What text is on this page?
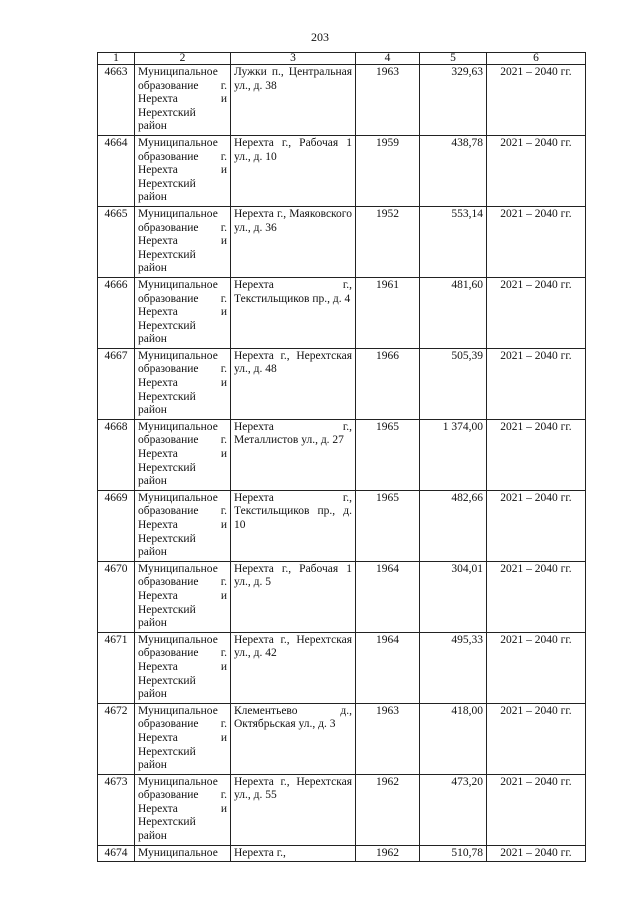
203
1	2	3	4	5	6
4663	Муниципальное образование г. Нерехта и Нерехтский район	Лужки п., Центральная ул., д. 38	1963	329,63	2021 – 2040 гг.
4664	Муниципальное образование г. Нерехта и Нерехтский район	Нерехта г., Рабочая 1 ул., д. 10	1959	438,78	2021 – 2040 гг.
4665	Муниципальное образование г. Нерехта и Нерехтский район	Нерехта г., Маяковского ул., д. 36	1952	553,14	2021 – 2040 гг.
4666	Муниципальное образование г. Нерехта и Нерехтский район	Нерехта г., Текстильщиков пр., д. 4	1961	481,60	2021 – 2040 гг.
4667	Муниципальное образование г. Нерехта и Нерехтский район	Нерехта г., Нерехтская ул., д. 48	1966	505,39	2021 – 2040 гг.
4668	Муниципальное образование г. Нерехта и Нерехтский район	Нерехта г., Металлистов ул., д. 27	1965	1 374,00	2021 – 2040 гг.
4669	Муниципальное образование г. Нерехта и Нерехтский район	Нерехта г., Текстильщиков пр., д. 10	1965	482,66	2021 – 2040 гг.
4670	Муниципальное образование г. Нерехта и Нерехтский район	Нерехта г., Рабочая 1 ул., д. 5	1964	304,01	2021 – 2040 гг.
4671	Муниципальное образование г. Нерехта и Нерехтский район	Нерехта г., Нерехтская ул., д. 42	1964	495,33	2021 – 2040 гг.
4672	Муниципальное образование г. Нерехта и Нерехтский район	Клементьево д., Октябрьская ул., д. 3	1963	418,00	2021 – 2040 гг.
4673	Муниципальное образование г. Нерехта и Нерехтский район	Нерехта г., Нерехтская ул., д. 55	1962	473,20	2021 – 2040 гг.
4674	Муниципальное	Нерехта г.,	1962	510,78	2021 – 2040 гг.
